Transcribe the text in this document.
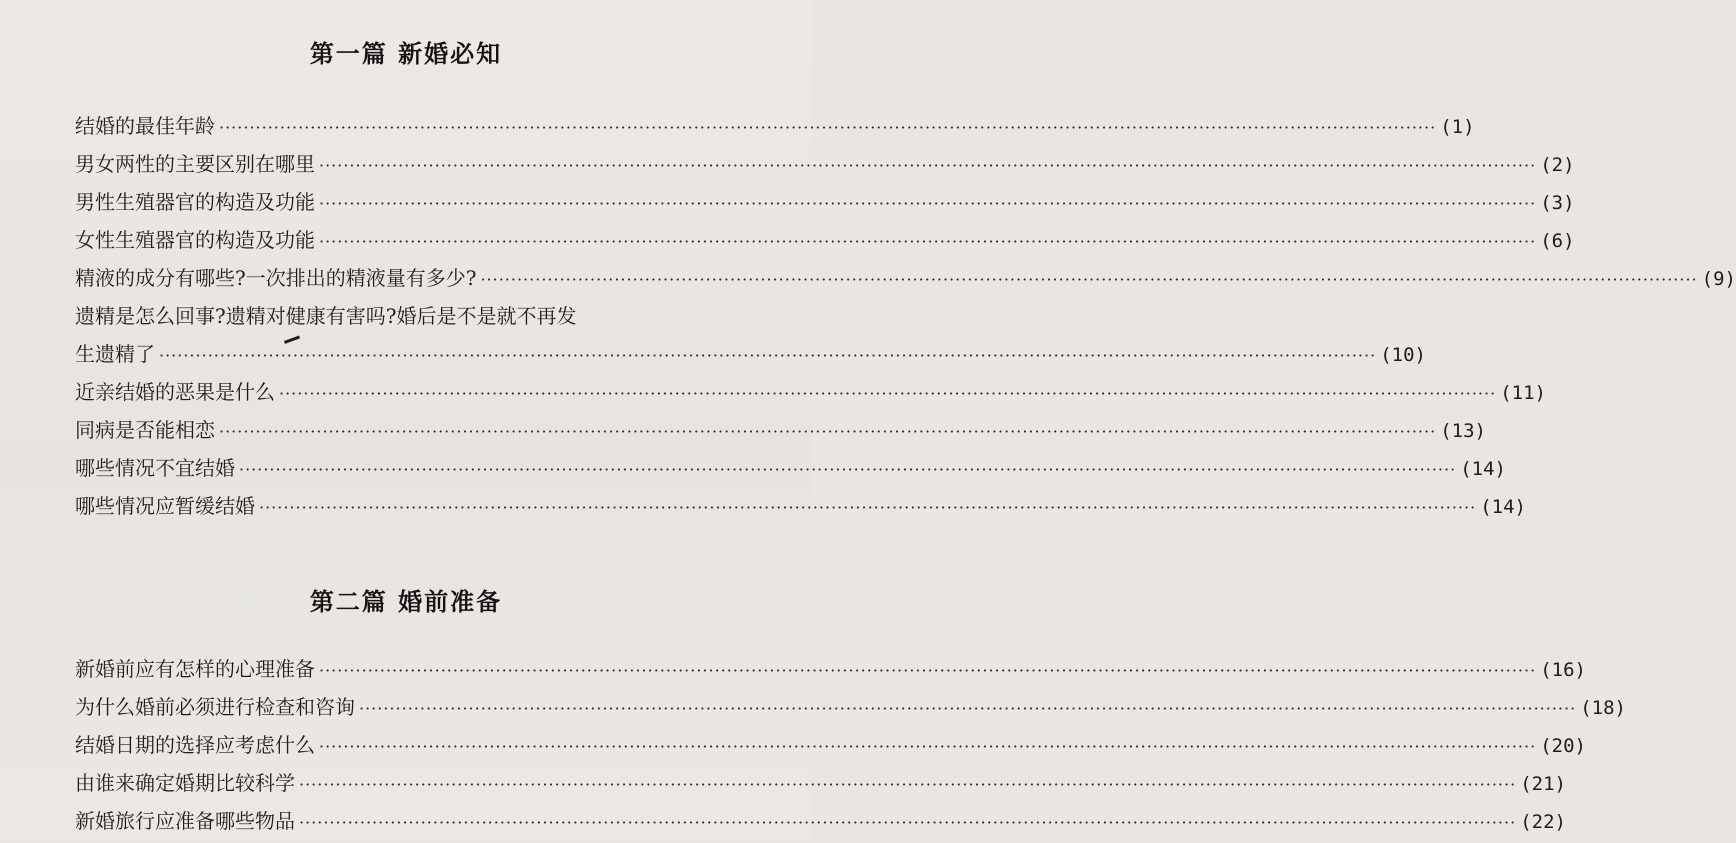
第一篇 新婚必知
结婚的最佳年龄 ········································································································································································································ (1)
男女两性的主要区别在哪里 ········································································································································································································ (2)
男性生殖器官的构造及功能 ········································································································································································································ (3)
女性生殖器官的构造及功能 ········································································································································································································ (6)
精液的成分有哪些?一次排出的精液量有多少? ········································································································································································································ (9)
遗精是怎么回事?遗精对健康有害吗?婚后是不是就不再发
生遗精了 ········································································································································································································ (10)
近亲结婚的恶果是什么 ········································································································································································································ (11)
同病是否能相恋 ········································································································································································································ (13)
哪些情况不宜结婚 ········································································································································································································ (14)
哪些情况应暂缓结婚 ········································································································································································································ (14)
第二篇 婚前准备
新婚前应有怎样的心理准备 ········································································································································································································ (16)
为什么婚前必须进行检查和咨询 ········································································································································································································ (18)
结婚日期的选择应考虑什么 ········································································································································································································ (20)
由谁来确定婚期比较科学 ········································································································································································································ (21)
新婚旅行应准备哪些物品 ········································································································································································································ (22)
